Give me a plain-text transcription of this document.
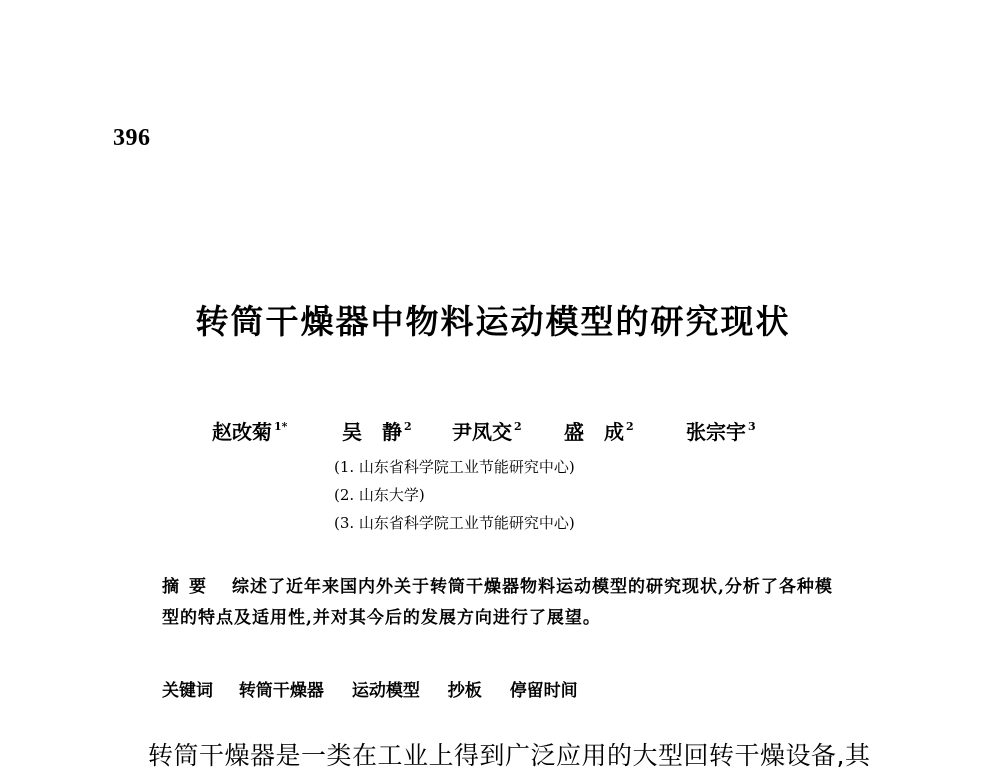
396
转筒干燥器中物料运动模型的研究现状
赵改菊 $^{1*}$	吴　静 $^2$ 尹凤交 $^2$ 盛　成 $^2$	张宗宇 $^3$
(1. 山东省科学院工业节能研究中心)
(2. 山东大学)
(3. 山东省科学院工业节能研究中心)
摘要 综述了近年来国内外关于转筒干燥器物料运动模型的研究现状,分析了各种模型的特点及适用性,并对其今后的发展方向进行了展望。
关键词 转筒干燥器 运动模型 抄板 停留时间
转筒干燥器是一类在工业上得到广泛应用的大型回转干燥设备,其
